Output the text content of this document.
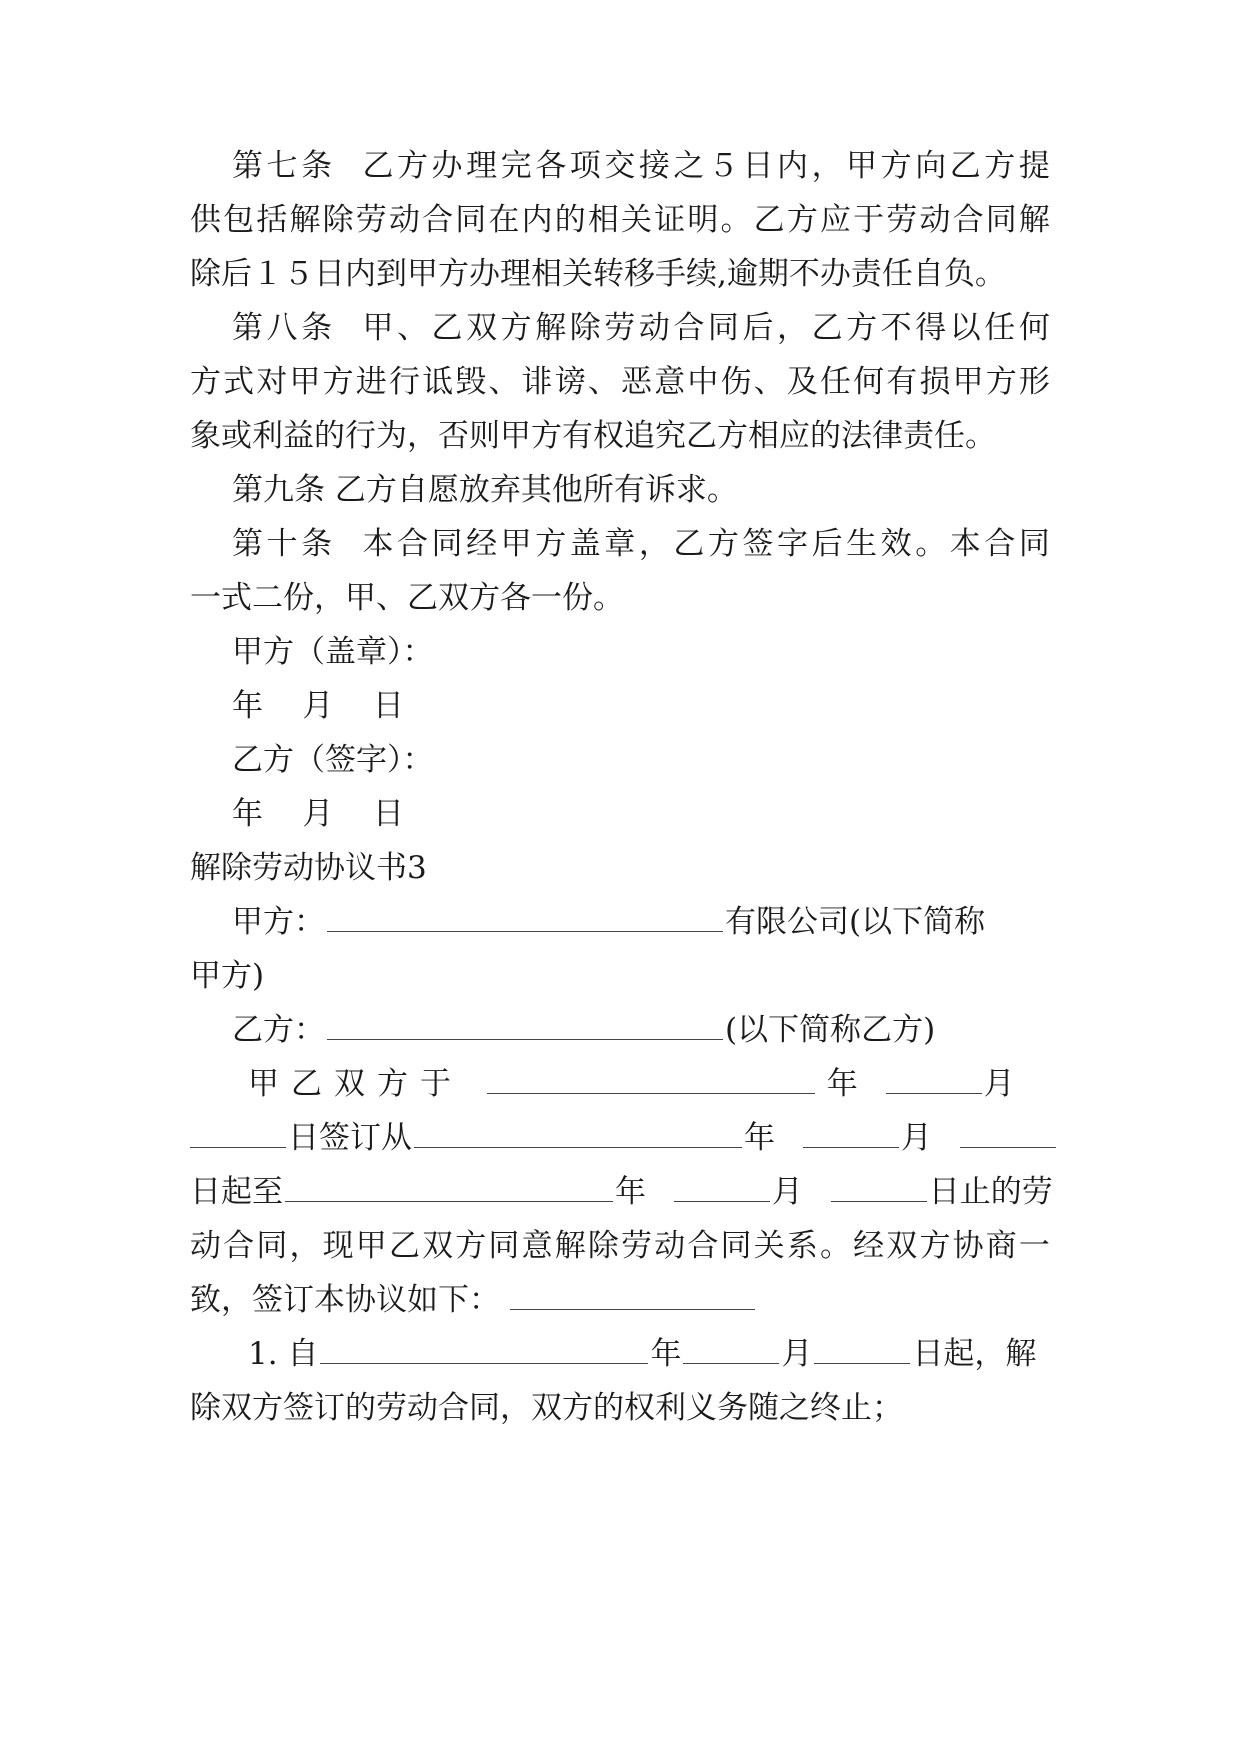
第 七 条

乙 方 办 理 完 各 项 交 接 之 ５ 日 内 ， 甲 方 向 乙 方 提
供 包 括 解 除 劳 动 合 同 在 内 的 相 关 证 明 。 乙 方 应 于 劳 动 合 同 解
除后１５日内到甲方办理相关转移手续,逾期不办责任自负。
第 八 条

甲 、 乙 双 方 解 除 劳 动 合 同 后 ， 乙 方 不 得 以 任 何
方 式 对 甲 方 进 行 诋 毁 、 诽 谤 、 恶 意 中 伤 、 及 任 何 有 损 甲 方 形
象或利益的行为，否则甲方有权追究乙方相应的法律责任。
第九条 乙方自愿放弃其他所有诉求。
第 十 条

本 合 同 经 甲 方 盖 章 ， 乙 方 签 字 后 生 效 。 本 合 同
一式二份，甲、乙双方各一份。
甲方（盖章）：
年    月    日
乙方（签字）：
年    月    日
解除劳动协议书3
甲方：	有限公司(以下简称
甲方)
乙方：	(以下简称乙方)
甲乙双方于	年	月
日签订从	年	月
日起至	年	月	日止的劳
动 合 同 ， 现 甲 乙 双 方 同 意 解 除 劳 动 合 同 关 系 。 经 双 方 协 商 一
致，签订本协议如下：
1. 自	年	月	日起，解
除双方签订的劳动合同，双方的权利义务随之终止；
